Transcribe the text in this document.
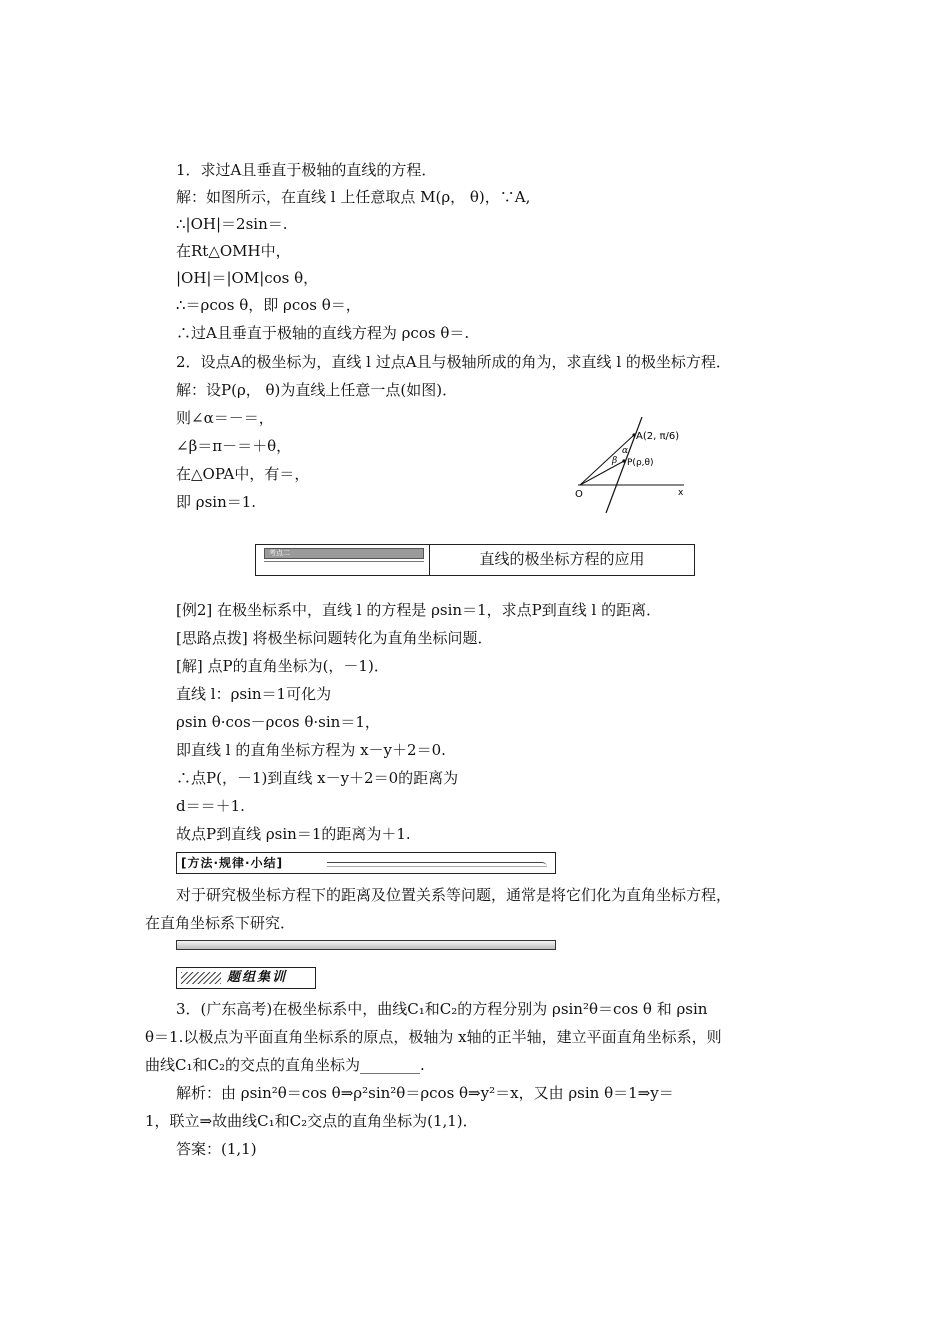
1．求过A且垂直于极轴的直线的方程．
解：如图所示，在直线 l 上任意取点 M(ρ， θ)，∵A,
∴|OH|＝2sin＝.
在Rt△OMH中，
|OH|＝|OM|cos θ，
∴＝ρcos θ，即 ρcos θ＝，
∴过A且垂直于极轴的直线方程为 ρcos θ＝.
2．设点A的极坐标为，直线 l 过点A且与极轴所成的角为，求直线 l 的极坐标方程．
解：设P(ρ， θ)为直线上任意一点(如图)．
则∠α＝－＝，
∠β＝π－＝＋θ，
在△OPA中，有＝，
即 ρsin＝1.
[例2] 在极坐标系中，直线 l 的方程是 ρsin＝1，求点P到直线 l 的距离．
[思路点拨] 将极坐标问题转化为直角坐标问题．
[解] 点P的直角坐标为(，－1)．
直线 l：ρsin＝1可化为
ρsin θ·cos－ρcos θ·sin＝1，
即直线 l 的直角坐标方程为 x－y＋2＝0.
∴点P(，－1)到直线 x－y＋2＝0的距离为
d＝＝＋1.
故点P到直线 ρsin＝1的距离为＋1.
对于研究极坐标方程下的距离及位置关系等问题，通常是将它们化为直角坐标方程，
在直角坐标系下研究．
3．(广东高考)在极坐标系中，曲线C₁和C₂的方程分别为 ρsin²θ＝cos θ 和 ρsin
θ＝1.以极点为平面直角坐标系的原点，极轴为 x轴的正半轴，建立平面直角坐标系，则
曲线C₁和C₂的交点的直角坐标为________.
解析：由 ρsin²θ＝cos θ⇒ρ²sin²θ＝ρcos θ⇒y²＝x，又由 ρsin θ＝1⇒y＝
1，联立⇒故曲线C₁和C₂交点的直角坐标为(1,1)．
答案：(1,1)
A(2, π/6)
P(ρ,θ)
O	x
α
β
考点二	直线的极坐标方程的应用
[方法·规律·小结]
题组集训
